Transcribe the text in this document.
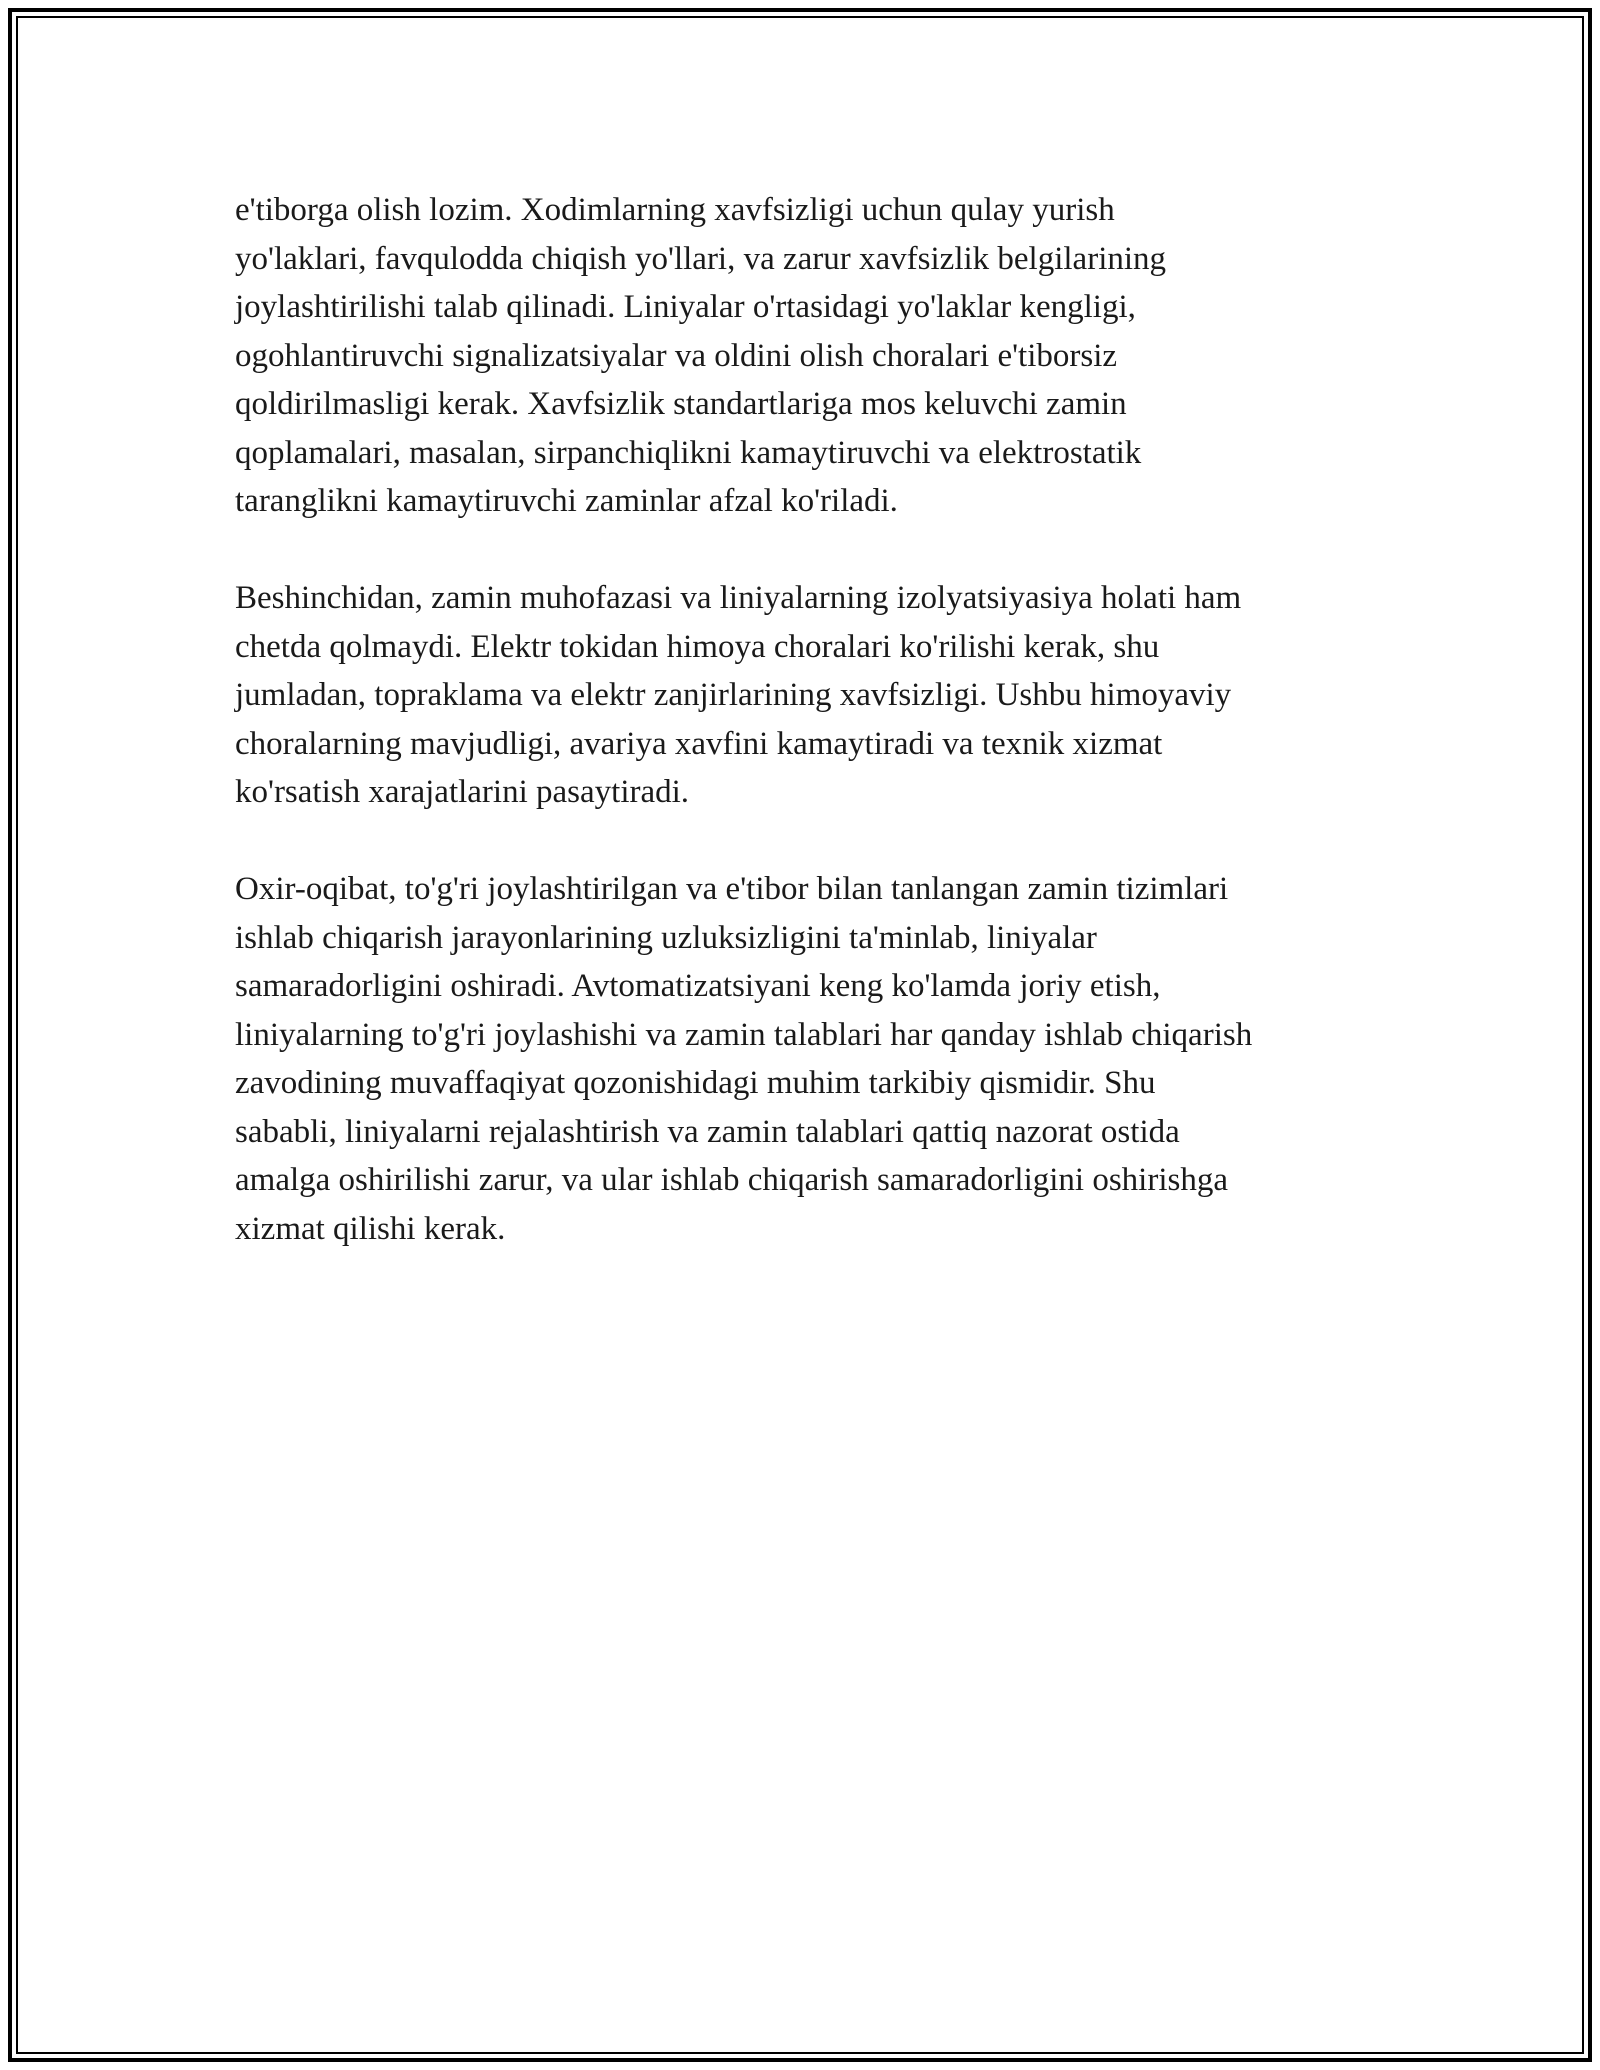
e'tiborga olish lozim. Xodimlarning xavfsizligi uchun qulay yurish
yo'laklari, favqulodda chiqish yo'llari, va zarur xavfsizlik belgilarining
joylashtirilishi talab qilinadi. Liniyalar o'rtasidagi yo'laklar kengligi,
ogohlantiruvchi signalizatsiyalar va oldini olish choralari e'tiborsiz
qoldirilmasligi kerak. Xavfsizlik standartlariga mos keluvchi zamin
qoplamalari, masalan, sirpanchiqlikni kamaytiruvchi va elektrostatik
taranglikni kamaytiruvchi zaminlar afzal ko'riladi.

Beshinchidan, zamin muhofazasi va liniyalarning izolyatsiyasiya holati ham
chetda qolmaydi. Elektr tokidan himoya choralari ko'rilishi kerak, shu
jumladan, topraklama va elektr zanjirlarining xavfsizligi. Ushbu himoyaviy
choralarning mavjudligi, avariya xavfini kamaytiradi va texnik xizmat
ko'rsatish xarajatlarini pasaytiradi.

Oxir-oqibat, to'g'ri joylashtirilgan va e'tibor bilan tanlangan zamin tizimlari
ishlab chiqarish jarayonlarining uzluksizligini ta'minlab, liniyalar
samaradorligini oshiradi. Avtomatizatsiyani keng ko'lamda joriy etish,
liniyalarning to'g'ri joylashishi va zamin talablari har qanday ishlab chiqarish
zavodining muvaffaqiyat qozonishidagi muhim tarkibiy qismidir. Shu
sababli, liniyalarni rejalashtirish va zamin talablari qattiq nazorat ostida
amalga oshirilishi zarur, va ular ishlab chiqarish samaradorligini oshirishga
xizmat qilishi kerak.
